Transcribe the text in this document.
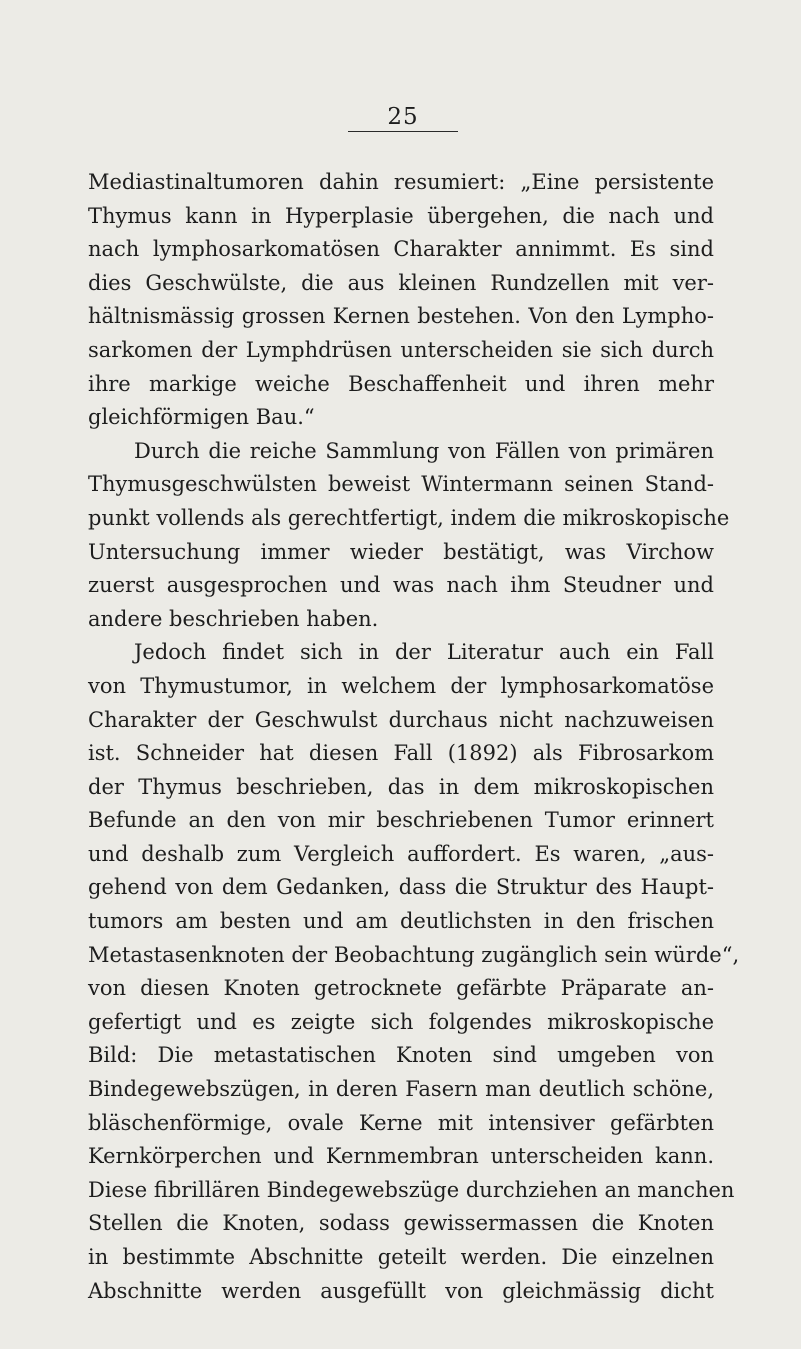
25
Mediastinaltumoren dahin resumiert: „Eine persistente
Thymus kann in Hyperplasie übergehen, die nach und
nach lymphosarkomatösen Charakter annimmt. Es sind
dies Geschwülste, die aus kleinen Rundzellen mit ver-
hältnismässig grossen Kernen bestehen. Von den Lympho-
sarkomen der Lymphdrüsen unterscheiden sie sich durch
ihre markige weiche Beschaffenheit und ihren mehr
gleichförmigen Bau.“
Durch die reiche Sammlung von Fällen von primären
Thymusgeschwülsten beweist Wintermann seinen Stand-
punkt vollends als gerechtfertigt, indem die mikroskopische
Untersuchung immer wieder bestätigt, was Virchow
zuerst ausgesprochen und was nach ihm Steudner und
andere beschrieben haben.
Jedoch findet sich in der Literatur auch ein Fall
von Thymustumor, in welchem der lymphosarkomatöse
Charakter der Geschwulst durchaus nicht nachzuweisen
ist. Schneider hat diesen Fall (1892) als Fibrosarkom
der Thymus beschrieben, das in dem mikroskopischen
Befunde an den von mir beschriebenen Tumor erinnert
und deshalb zum Vergleich auffordert. Es waren, „aus-
gehend von dem Gedanken, dass die Struktur des Haupt-
tumors am besten und am deutlichsten in den frischen
Metastasenknoten der Beobachtung zugänglich sein würde“,
von diesen Knoten getrocknete gefärbte Präparate an-
gefertigt und es zeigte sich folgendes mikroskopische
Bild: Die metastatischen Knoten sind umgeben von
Bindegewebszügen, in deren Fasern man deutlich schöne,
bläschenförmige, ovale Kerne mit intensiver gefärbten
Kernkörperchen und Kernmembran unterscheiden kann.
Diese fibrillären Bindegewebszüge durchziehen an manchen
Stellen die Knoten, sodass gewissermassen die Knoten
in bestimmte Abschnitte geteilt werden. Die einzelnen
Abschnitte werden ausgefüllt von gleichmässig dicht
